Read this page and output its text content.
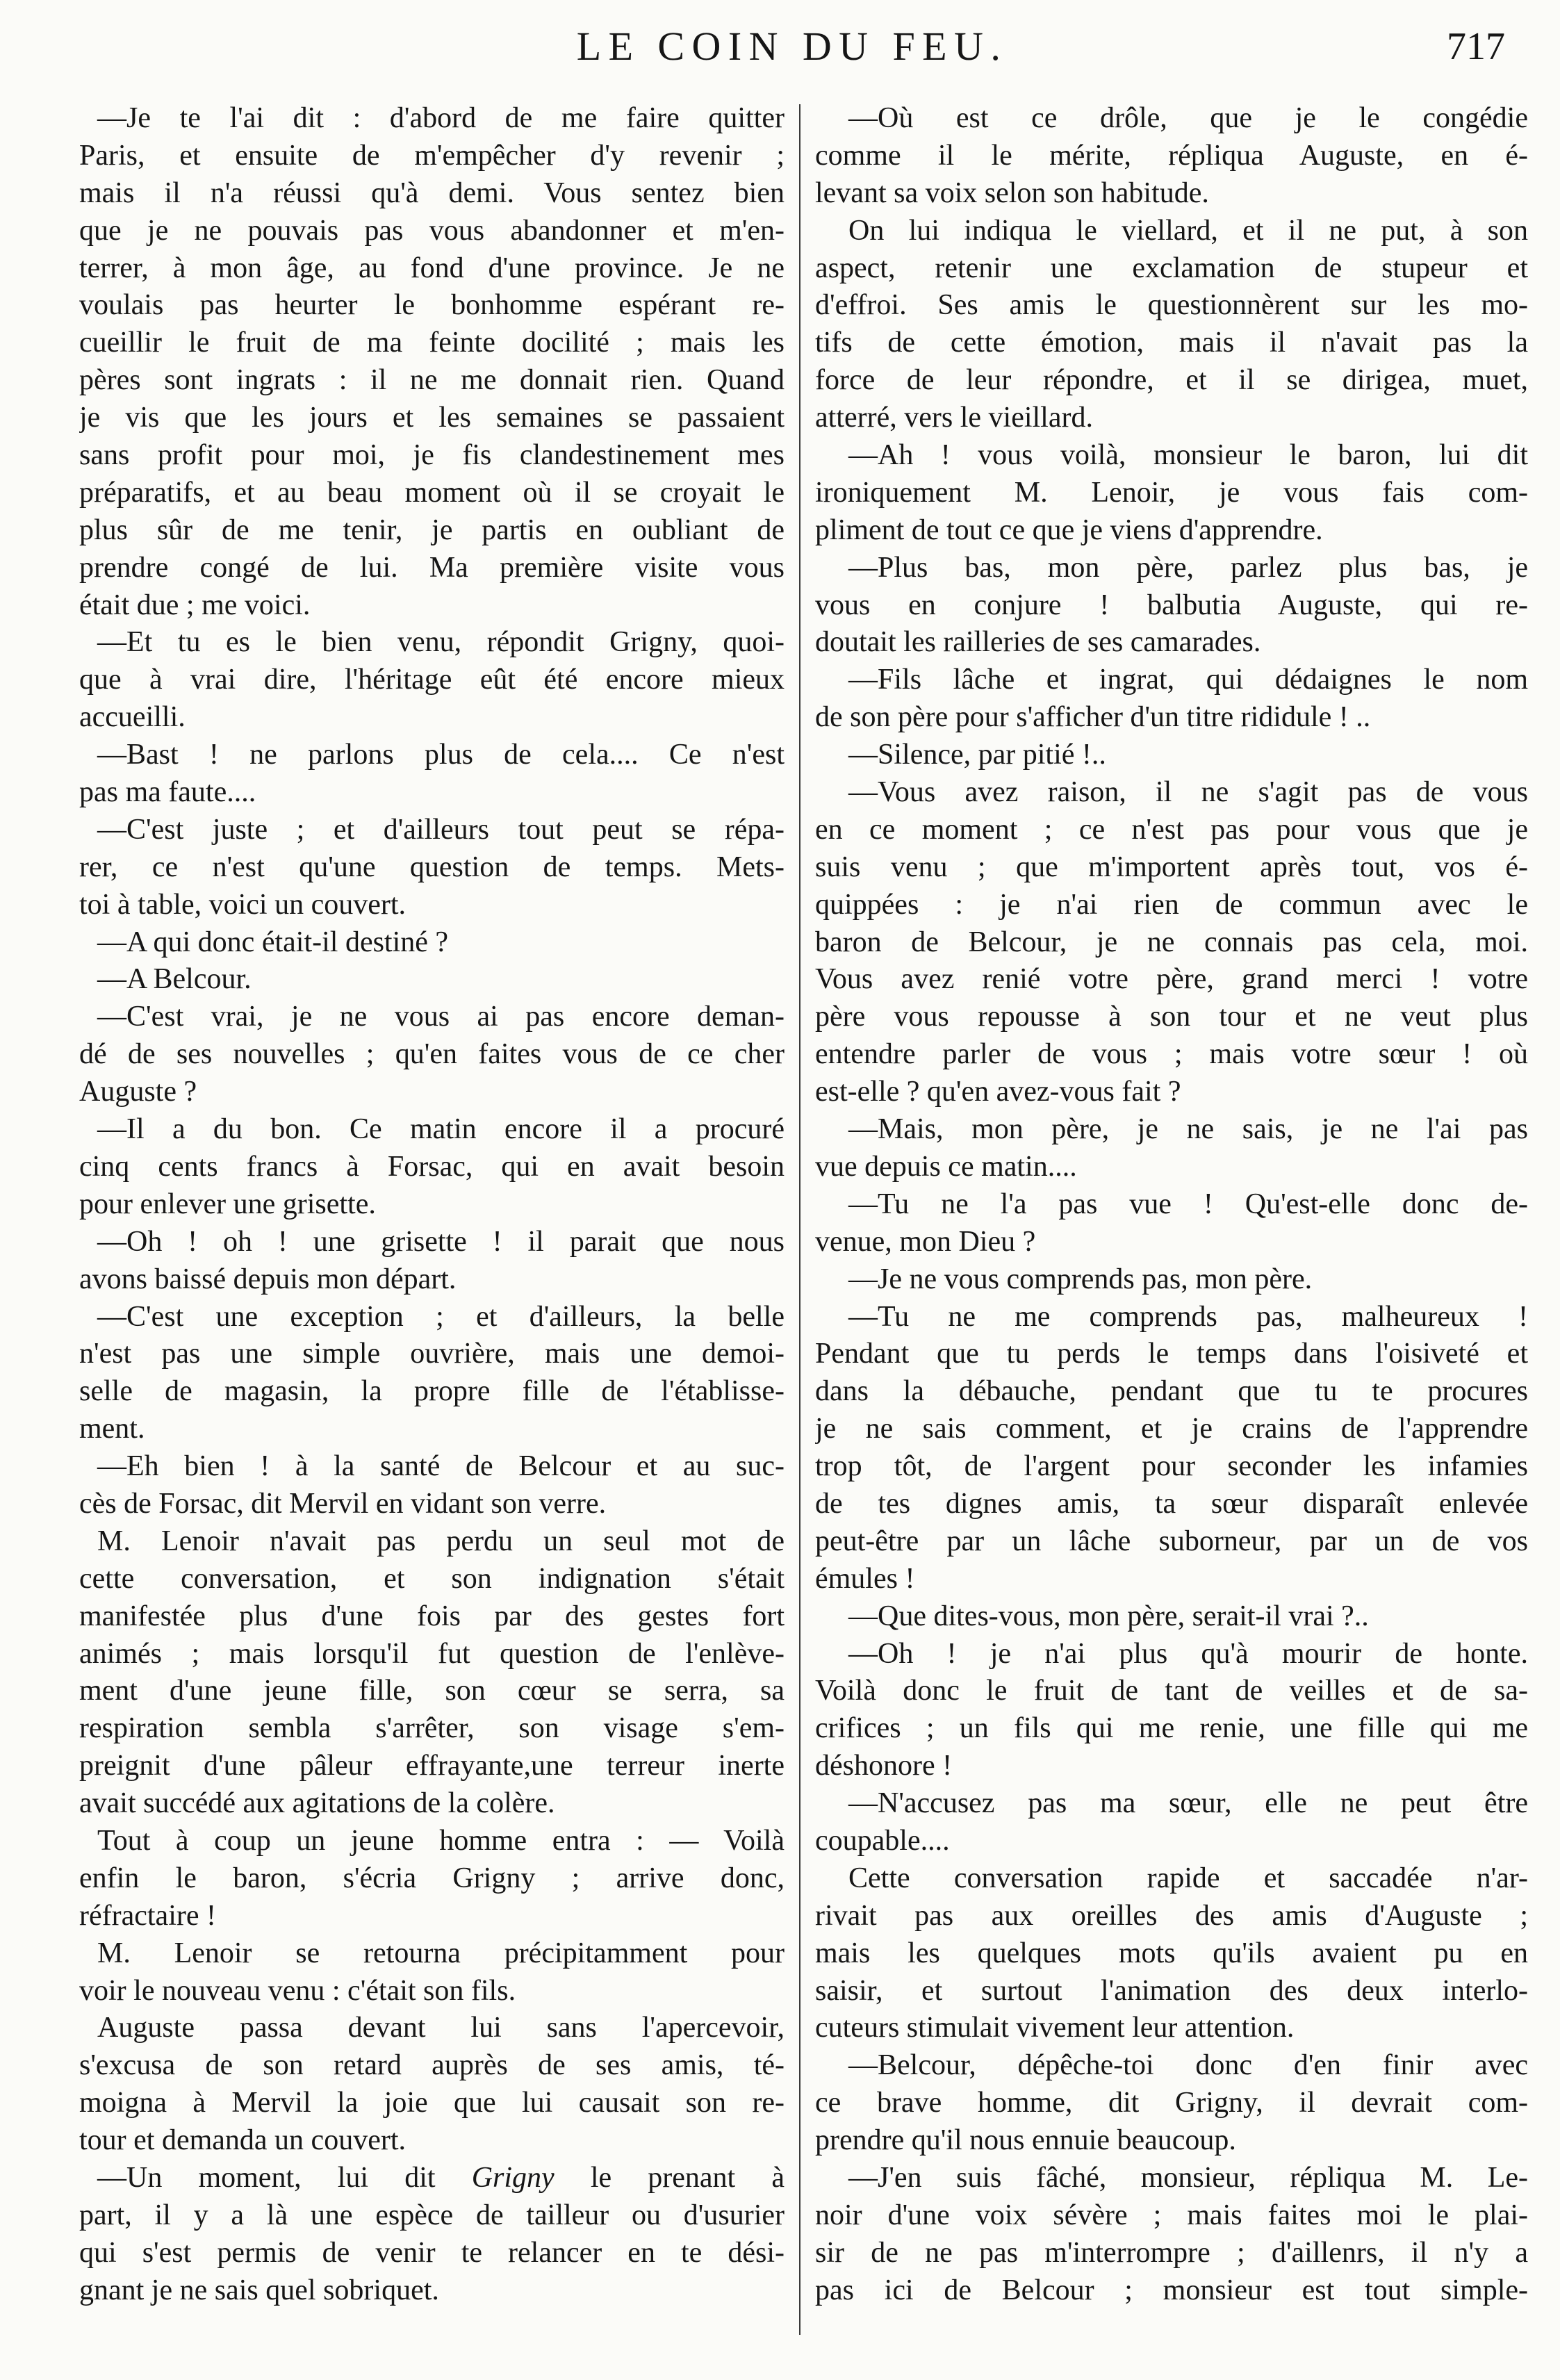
LE COIN DU FEU.	717
—Je te l'ai dit : d'abord de me faire quitter
Paris, et ensuite de m'empêcher d'y revenir ;
mais il n'a réussi qu'à demi. Vous sentez bien
que je ne pouvais pas vous abandonner et m'en-
terrer, à mon âge, au fond d'une province. Je ne
voulais pas heurter le bonhomme espérant re-
cueillir le fruit de ma feinte docilité ; mais les
pères sont ingrats : il ne me donnait rien. Quand
je vis que les jours et les semaines se passaient
sans profit pour moi, je fis clandestinement mes
préparatifs, et au beau moment où il se croyait le
plus sûr de me tenir, je partis en oubliant de
prendre congé de lui. Ma première visite vous
était due ; me voici.
—Et tu es le bien venu, répondit Grigny, quoi-
que à vrai dire, l'héritage eût été encore mieux
accueilli.
—Bast ! ne parlons plus de cela.... Ce n'est
pas ma faute....
—C'est juste ; et d'ailleurs tout peut se répa-
rer, ce n'est qu'une question de temps. Mets-
toi à table, voici un couvert.
—A qui donc était-il destiné ?
—A Belcour.
—C'est vrai, je ne vous ai pas encore deman-
dé de ses nouvelles ; qu'en faites vous de ce cher
Auguste ?
—Il a du bon. Ce matin encore il a procuré
cinq cents francs à Forsac, qui en avait besoin
pour enlever une grisette.
—Oh ! oh ! une grisette ! il parait que nous
avons baissé depuis mon départ.
—C'est une exception ; et d'ailleurs, la belle
n'est pas une simple ouvrière, mais une demoi-
selle de magasin, la propre fille de l'établisse-
ment.
—Eh bien ! à la santé de Belcour et au suc-
cès de Forsac, dit Mervil en vidant son verre.
M. Lenoir n'avait pas perdu un seul mot de
cette conversation, et son indignation s'était
manifestée plus d'une fois par des gestes fort
animés ; mais lorsqu'il fut question de l'enlève-
ment d'une jeune fille, son cœur se serra, sa
respiration sembla s'arrêter, son visage s'em-
preignit d'une pâleur effrayante,une terreur inerte
avait succédé aux agitations de la colère.
Tout à coup un jeune homme entra : — Voilà
enfin le baron, s'écria Grigny ; arrive donc,
réfractaire !
M. Lenoir se retourna précipitamment pour
voir le nouveau venu : c'était son fils.
Auguste passa devant lui sans l'apercevoir,
s'excusa de son retard auprès de ses amis, té-
moigna à Mervil la joie que lui causait son re-
tour et demanda un couvert.
—Un moment, lui dit Grigny le prenant à
part, il y a là une espèce de tailleur ou d'usurier
qui s'est permis de venir te relancer en te dési-
gnant je ne sais quel sobriquet.
—Où est ce drôle, que je le congédie
comme il le mérite, répliqua Auguste, en é-
levant sa voix selon son habitude.
On lui indiqua le viellard, et il ne put, à son
aspect, retenir une exclamation de stupeur et
d'effroi. Ses amis le questionnèrent sur les mo-
tifs de cette émotion, mais il n'avait pas la
force de leur répondre, et il se dirigea, muet,
atterré, vers le vieillard.
—Ah ! vous voilà, monsieur le baron, lui dit
ironiquement M. Lenoir, je vous fais com-
pliment de tout ce que je viens d'apprendre.
—Plus bas, mon père, parlez plus bas, je
vous en conjure ! balbutia Auguste, qui re-
doutait les railleries de ses camarades.
—Fils lâche et ingrat, qui dédaignes le nom
de son père pour s'afficher d'un titre rididule ! ..
—Silence, par pitié !..
—Vous avez raison, il ne s'agit pas de vous
en ce moment ; ce n'est pas pour vous que je
suis venu ; que m'importent après tout, vos é-
quippées : je n'ai rien de commun avec le
baron de Belcour, je ne connais pas cela, moi.
Vous avez renié votre père, grand merci ! votre
père vous repousse à son tour et ne veut plus
entendre parler de vous ; mais votre sœur ! où
est-elle ? qu'en avez-vous fait ?
—Mais, mon père, je ne sais, je ne l'ai pas
vue depuis ce matin....
—Tu ne l'a pas vue ! Qu'est-elle donc de-
venue, mon Dieu ?
—Je ne vous comprends pas, mon père.
—Tu ne me comprends pas, malheureux !
Pendant que tu perds le temps dans l'oisiveté et
dans la débauche, pendant que tu te procures
je ne sais comment, et je crains de l'apprendre
trop tôt, de l'argent pour seconder les infamies
de tes dignes amis, ta sœur disparaît enlevée
peut-être par un lâche suborneur, par un de vos
émules !
—Que dites-vous, mon père, serait-il vrai ?..
—Oh ! je n'ai plus qu'à mourir de honte.
Voilà donc le fruit de tant de veilles et de sa-
crifices ; un fils qui me renie, une fille qui me
déshonore !
—N'accusez pas ma sœur, elle ne peut être
coupable....
Cette conversation rapide et saccadée n'ar-
rivait pas aux oreilles des amis d'Auguste ;
mais les quelques mots qu'ils avaient pu en
saisir, et surtout l'animation des deux interlo-
cuteurs stimulait vivement leur attention.
—Belcour, dépêche-toi donc d'en finir avec
ce brave homme, dit Grigny, il devrait com-
prendre qu'il nous ennuie beaucoup.
—J'en suis fâché, monsieur, répliqua M. Le-
noir d'une voix sévère ; mais faites moi le plai-
sir de ne pas m'interrompre ; d'aillenrs, il n'y a
pas ici de Belcour ; monsieur est tout simple-
